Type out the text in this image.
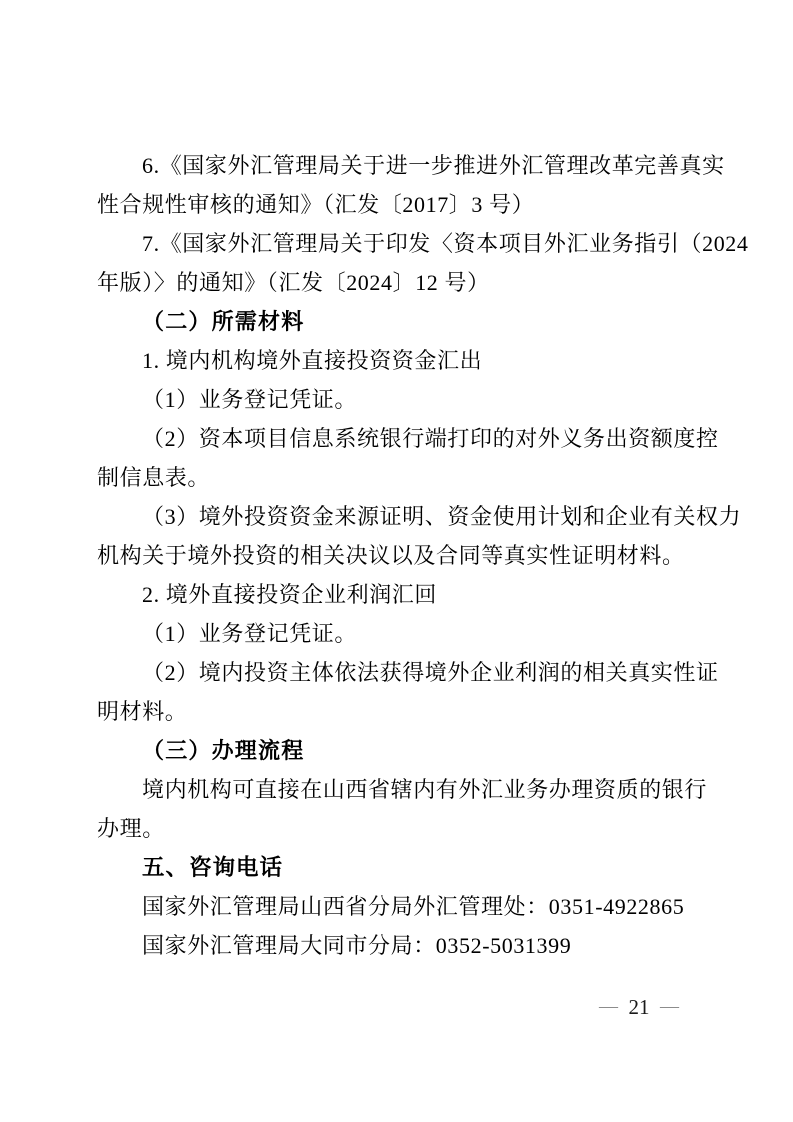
6.《国家外汇管理局关于进一步推进外汇管理改革完善真实
性合规性审核的通知》（汇发〔2017〕3 号）
7.《国家外汇管理局关于印发〈资本项目外汇业务指引（2024
年版）〉的通知》（汇发〔2024〕12 号）
（二）所需材料
1. 境内机构境外直接投资资金汇出
（1）业务登记凭证。
（2）资本项目信息系统银行端打印的对外义务出资额度控
制信息表。
（3）境外投资资金来源证明、资金使用计划和企业有关权力
机构关于境外投资的相关决议以及合同等真实性证明材料。
2. 境外直接投资企业利润汇回
（1）业务登记凭证。
（2）境内投资主体依法获得境外企业利润的相关真实性证
明材料。
（三）办理流程
境内机构可直接在山西省辖内有外汇业务办理资质的银行
办理。
五、咨询电话
国家外汇管理局山西省分局外汇管理处：0351-4922865
国家外汇管理局大同市分局：0352-5031399
— 21 —
